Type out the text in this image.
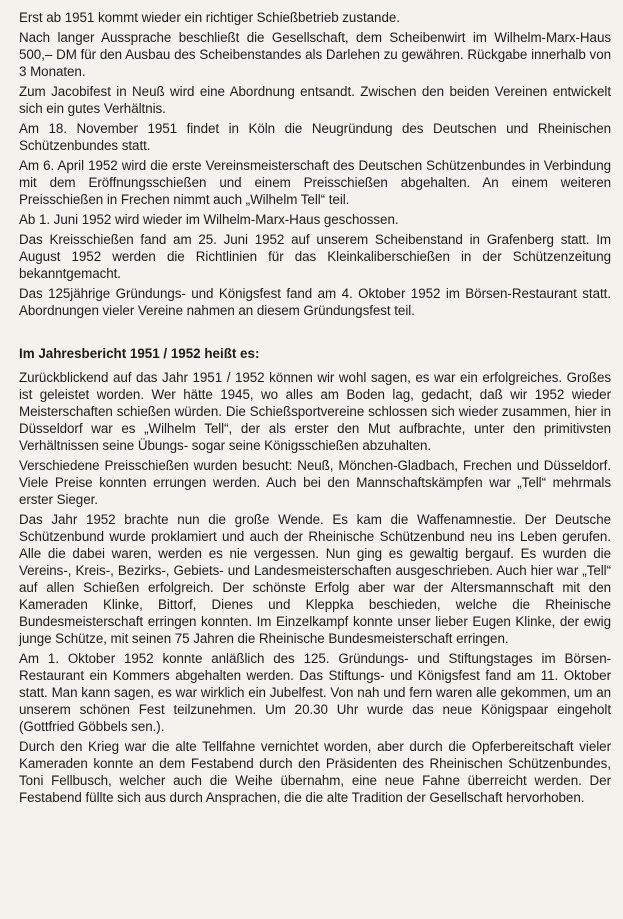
Erst ab 1951 kommt wieder ein richtiger Schießbetrieb zustande.

Nach langer Aussprache beschließt die Gesellschaft, dem Scheibenwirt im Wilhelm-Marx-Haus 500,– DM für den Ausbau des Scheibenstandes als Darlehen zu gewähren. Rückgabe innerhalb von 3 Monaten.

Zum Jacobifest in Neuß wird eine Abordnung entsandt. Zwischen den beiden Vereinen entwickelt sich ein gutes Verhältnis.

Am 18. November 1951 findet in Köln die Neugründung des Deutschen und Rheinischen Schützenbundes statt.

Am 6. April 1952 wird die erste Vereinsmeisterschaft des Deutschen Schützenbundes in Verbindung mit dem Eröffnungsschießen und einem Preisschießen abgehalten. An einem weiteren Preisschießen in Frechen nimmt auch „Wilhelm Tell“ teil.

Ab 1. Juni 1952 wird wieder im Wilhelm-Marx-Haus geschossen.

Das Kreisschießen fand am 25. Juni 1952 auf unserem Scheibenstand in Grafenberg statt. Im August 1952 werden die Richtlinien für das Kleinkaliberschießen in der Schützenzeitung bekanntgemacht.

Das 125jährige Gründungs- und Königsfest fand am 4. Oktober 1952 im Börsen-Restaurant statt. Abordnungen vieler Vereine nahmen an diesem Gründungsfest teil.

Im Jahresbericht 1951 / 1952 heißt es:

Zurückblickend auf das Jahr 1951 / 1952 können wir wohl sagen, es war ein erfolgreiches. Großes ist geleistet worden. Wer hätte 1945, wo alles am Boden lag, gedacht, daß wir 1952 wieder Meisterschaften schießen würden. Die Schießsportvereine schlossen sich wieder zusammen, hier in Düsseldorf war es „Wilhelm Tell“, der als erster den Mut aufbrachte, unter den primitivsten Verhältnissen seine Übungs- sogar seine Königsschießen abzuhalten.

Verschiedene Preisschießen wurden besucht: Neuß, Mönchen-Gladbach, Frechen und Düsseldorf. Viele Preise konnten errungen werden. Auch bei den Mannschaftskämpfen war „Tell“ mehrmals erster Sieger.

Das Jahr 1952 brachte nun die große Wende. Es kam die Waffenamnestie. Der Deutsche Schützenbund wurde proklamiert und auch der Rheinische Schützenbund neu ins Leben gerufen. Alle die dabei waren, werden es nie vergessen. Nun ging es gewaltig bergauf. Es wurden die Vereins-, Kreis-, Bezirks-, Gebiets- und Landesmeisterschaften ausgeschrieben. Auch hier war „Tell“ auf allen Schießen erfolgreich. Der schönste Erfolg aber war der Altersmannschaft mit den Kameraden Klinke, Bittorf, Dienes und Kleppka beschieden, welche die Rheinische Bundesmeisterschaft erringen konnten. Im Einzelkampf konnte unser lieber Eugen Klinke, der ewig junge Schütze, mit seinen 75 Jahren die Rheinische Bundesmeisterschaft erringen.

Am 1. Oktober 1952 konnte anläßlich des 125. Gründungs- und Stiftungstages im Börsen-Restaurant ein Kommers abgehalten werden. Das Stiftungs- und Königsfest fand am 11. Oktober statt. Man kann sagen, es war wirklich ein Jubelfest. Von nah und fern waren alle gekommen, um an unserem schönen Fest teilzunehmen. Um 20.30 Uhr wurde das neue Königspaar eingeholt (Gottfried Göbbels sen.).

Durch den Krieg war die alte Tellfahne vernichtet worden, aber durch die Opferbereitschaft vieler Kameraden konnte an dem Festabend durch den Präsidenten des Rheinischen Schützenbundes, Toni Fellbusch, welcher auch die Weihe übernahm, eine neue Fahne überreicht werden. Der Festabend füllte sich aus durch Ansprachen, die die alte Tradition der Gesellschaft hervorhoben.
